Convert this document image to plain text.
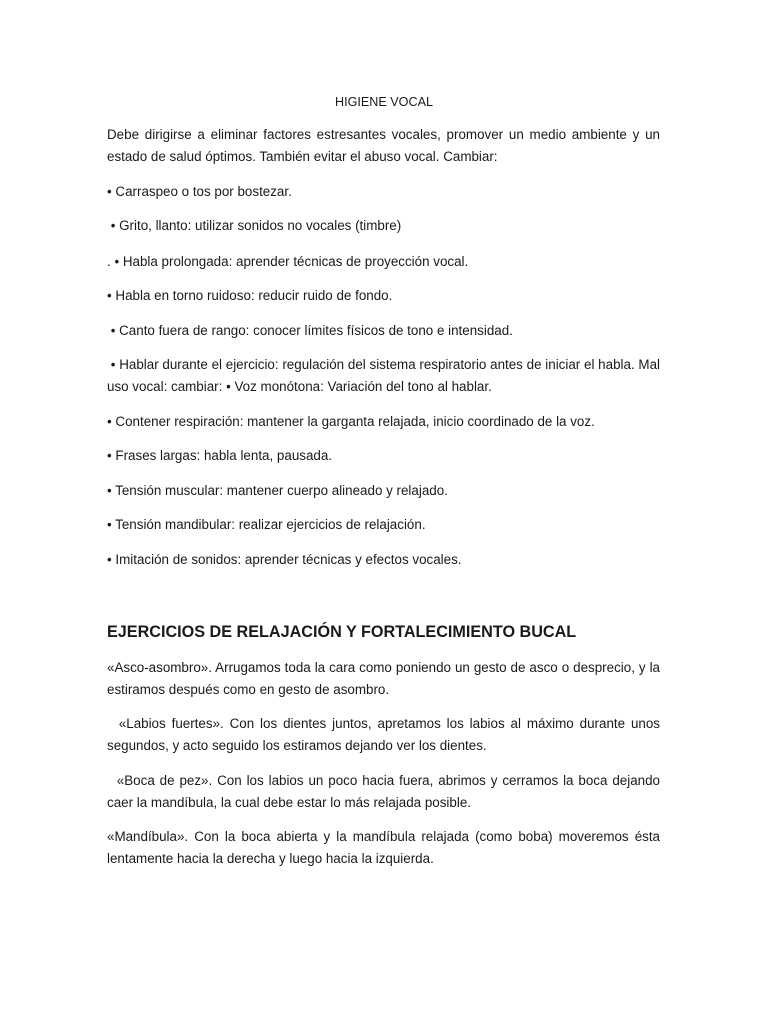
HIGIENE VOCAL

Debe dirigirse a eliminar factores estresantes vocales, promover un medio ambiente y un estado de salud óptimos. También evitar el abuso vocal. Cambiar:

• Carraspeo o tos por bostezar.

• Grito, llanto: utilizar sonidos no vocales (timbre)

. • Habla prolongada: aprender técnicas de proyección vocal.

• Habla en torno ruidoso: reducir ruido de fondo.

• Canto fuera de rango: conocer límites físicos de tono e intensidad.

• Hablar durante el ejercicio: regulación del sistema respiratorio antes de iniciar el habla. Mal uso vocal: cambiar: • Voz monótona: Variación del tono al hablar.

• Contener respiración: mantener la garganta relajada, inicio coordinado de la voz.

• Frases largas: habla lenta, pausada.

• Tensión muscular: mantener cuerpo alineado y relajado.

• Tensión mandibular: realizar ejercicios de relajación.

• Imitación de sonidos: aprender técnicas y efectos vocales.

EJERCICIOS DE RELAJACIÓN Y FORTALECIMIENTO BUCAL

«Asco-asombro». Arrugamos toda la cara como poniendo un gesto de asco o desprecio, y la estiramos después como en gesto de asombro.

«Labios fuertes». Con los dientes juntos, apretamos los labios al máximo durante unos segundos, y acto seguido los estiramos dejando ver los dientes.

«Boca de pez». Con los labios un poco hacia fuera, abrimos y cerramos la boca dejando caer la mandíbula, la cual debe estar lo más relajada posible.

«Mandíbula». Con la boca abierta y la mandíbula relajada (como boba) moveremos ésta lentamente hacia la derecha y luego hacia la izquierda.
